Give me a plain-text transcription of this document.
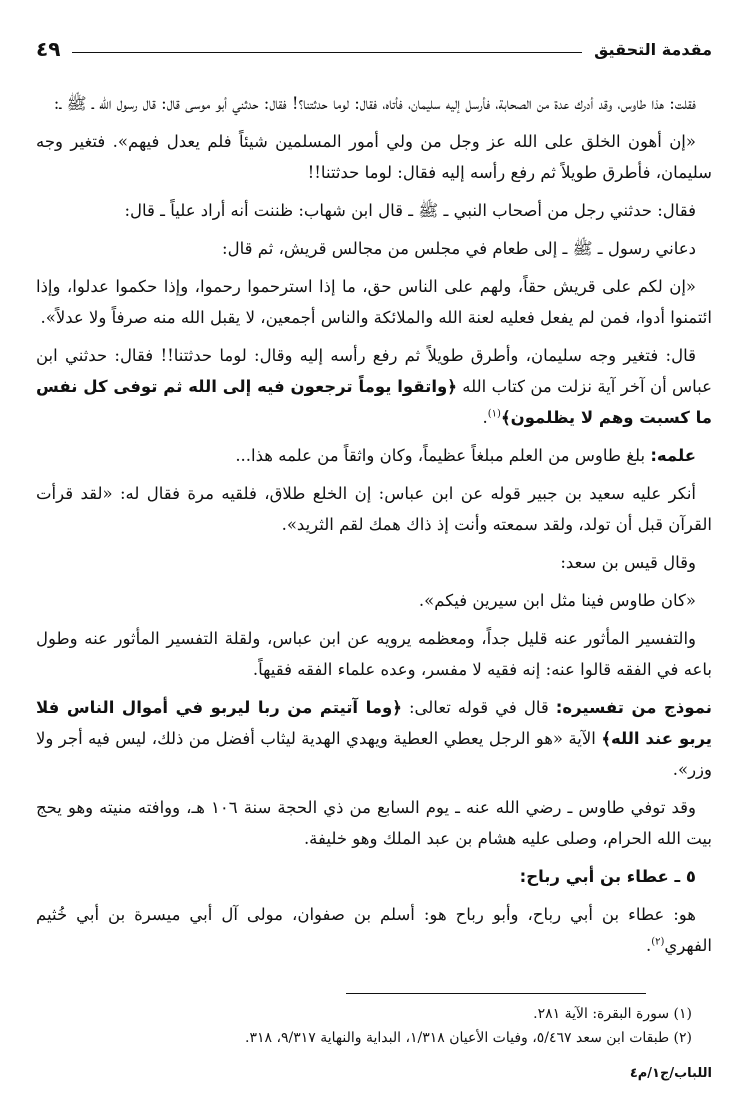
مقدمة التحقيق
٤٩

فقلت: هذا طاوس، وقد أدرك عدة من الصحابة، فأرسل إليه سليمان، فأتاه، فقال: لوما حدثتنا؟! فقال: حدثني أبو موسى قال: قال رسول الله ـ ﷺ ـ:

«إن أهون الخلق على الله عز وجل من ولي أمور المسلمين شيئاً فلم يعدل فيهم». فتغير وجه سليمان، فأطرق طويلاً ثم رفع رأسه إليه فقال: لوما حدثتنا!!

فقال: حدثني رجل من أصحاب النبي ـ ﷺ ـ قال ابن شهاب: ظننت أنه أراد علياً ـ قال:

دعاني رسول ـ ﷺ ـ إلى طعام في مجلس من مجالس قريش، ثم قال:

«إن لكم على قريش حقاً، ولهم على الناس حق، ما إذا استرحموا رحموا، وإذا حكموا عدلوا، وإذا ائتمنوا أدوا، فمن لم يفعل فعليه لعنة الله والملائكة والناس أجمعين، لا يقبل الله منه صرفاً ولا عدلاً».

قال: فتغير وجه سليمان، وأطرق طويلاً ثم رفع رأسه إليه وقال: لوما حدثتنا!! فقال: حدثني ابن عباس أن آخر آية نزلت من كتاب الله ﴿واتقوا يوماً ترجعون فيه إلى الله ثم توفى كل نفس ما كسبت وهم لا يظلمون﴾$^{(١)}$.

علمه: بلغ طاوس من العلم مبلغاً عظيماً، وكان واثقاً من علمه هذا...

أنكر عليه سعيد بن جبير قوله عن ابن عباس: إن الخلع طلاق، فلقيه مرة فقال له: «لقد قرأت القرآن قبل أن تولد، ولقد سمعته وأنت إذ ذاك همك لقم الثريد».

وقال قيس بن سعد:

«كان طاوس فينا مثل ابن سيرين فيكم».

والتفسير المأثور عنه قليل جداً، ومعظمه يرويه عن ابن عباس، ولقلة التفسير المأثور عنه وطول باعه في الفقه قالوا عنه: إنه فقيه لا مفسر، وعده علماء الفقه فقيهاً.

نموذج من تفسيره: قال في قوله تعالى: ﴿وما آتيتم من ربا ليربو في أموال الناس فلا يربو عند الله﴾ الآية «هو الرجل يعطي العطية ويهدي الهدية ليثاب أفضل من ذلك، ليس فيه أجر ولا وزر».

وقد توفي طاوس ـ رضي الله عنه ـ يوم السابع من ذي الحجة سنة ١٠٦ هـ، ووافته منيته وهو يحج بيت الله الحرام، وصلى عليه هشام بن عبد الملك وهو خليفة.

٥ ـ عطاء بن أبي رباح:

هو: عطاء بن أبي رباح، وأبو رباح هو: أسلم بن صفوان، مولى آل أبي ميسرة بن أبي خُثيم الفهري$^{(٢)}$.

(١) سورة البقرة: الآية ٢٨١.
(٢) طبقات ابن سعد ٥/٤٦٧، وفيات الأعيان ١/٣١٨، البداية والنهاية ٩/٣١٧، ٣١٨.
اللباب/ج١/م٤
